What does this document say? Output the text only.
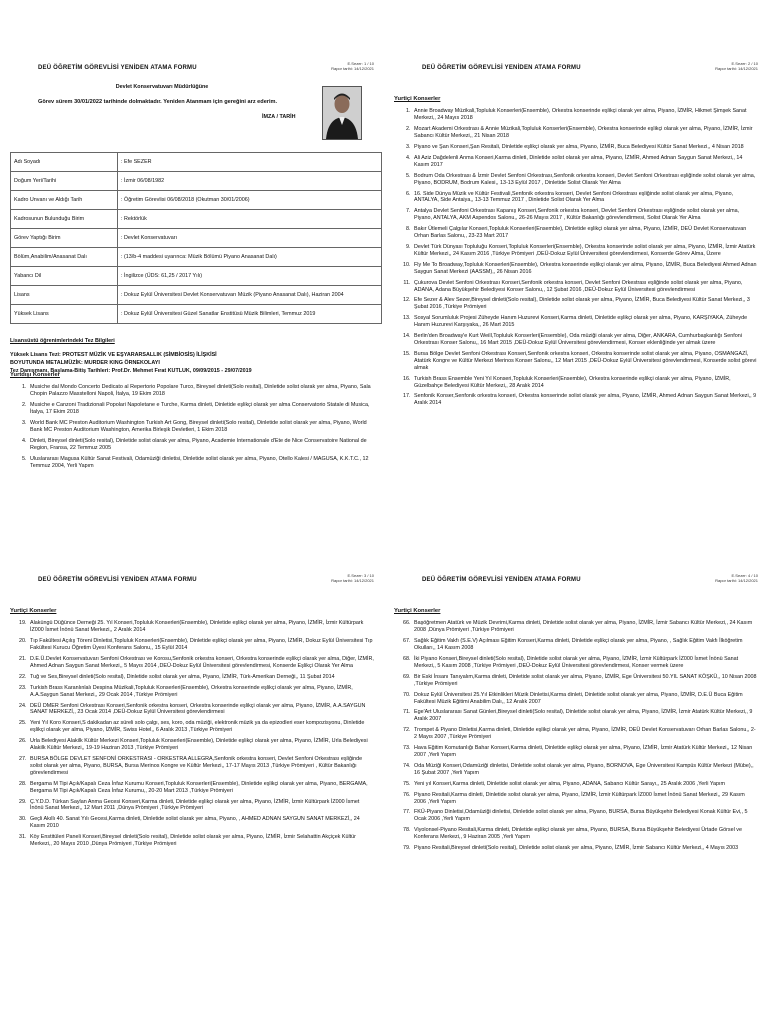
DEÜ ÖĞRETİM GÖREVLİSİ YENİDEN ATAMA FORMU
E.Sezer: 1 / 10
Rapor tarihi: 14/12/2021
Devlet Konservatuvarı Müdürlüğüne
Görev sürem 30/01/2022 tarihinde dolmaktadır. Yeniden Atanmam için gereğini arz ederim.
İMZA / TARİH
Adı Soyadı	: Efe SEZER
Doğum Yeri/Tarihi	: İzmir 06/08/1982
Kadro Unvanı ve Aldığı Tarih	: Öğretim Görevlisi 06/08/2018 (Okutman 30/01/2006)
Kadrosunun Bulunduğu Birim	: Rektörlük
Görev Yaptığı Birim	: Devlet Konservatuvarı
Bölüm,Anabilim/Anasanat Dalı	: (13/b-4 maddesi uyarınca: Müzik Bölümü Piyano Anasanat Dalı)
Yabancı Dil	: İngilizce (ÜDS: 61,25 / 2017 Yılı)
Lisans	: Dokuz Eylül Üniversitesi Devlet Konservatuvarı Müzik (Piyano Anasanat Dalı), Haziran 2004
Yüksek Lisans	: Dokuz Eylül Üniversitesi Güzel Sanatlar Enstitüsü Müzik Bilimleri, Temmuz 2019
Lisansüstü öğrenimlerindeki Tez Bilgileri
Yüksek Lisans Tezi: PROTEST MÜZİK VE EŞYARARSALLIK (SİMBİOSİS) İLİŞKİSİ
BOYUTUNDA METALMÜZİK: MURDER KING ÖRNEKOLAYI
Tez Danışmanı, Başlama-Bitiş Tarihleri: Prof.Dr. Mehmet Fırat KUTLUK, 09/09/2015 - 29/07/2019
Yurtdışı Konserler
1. Musiche dal Mondo Concerto Dedicato al Repertorio Popolare Turco, Bireysel dinleti(Solo resital), Dinletide solist olarak yer alma, Piyano, Sala Chopin Palazzo Masstelloni Napoli, İtalya, 19 Ekim 2018
2. Musiche e Canzoni Tradizionali Popolari Napoletane e Turche, Karma dinleti, Dinletide eşlikçi olarak yer alma Conservatorio Statale di Musica, İtalya, 17 Ekim 2018
3. World Bank MC Preston Auditorium Washington Turkish Art Gong, Bireysel dinleti(Solo resital), Dinletide solist olarak yer alma, Piyano, World Bank MC Preston Auditorium Washington, Amerika Birleşik Devletleri, 1 Ekim 2018
4. Dinleti, Bireysel dinleti(Solo resital), Dinletide solist olarak yer alma, Piyano, Academie Internationale d'Ete de Nice Conservatoire National de Region, Fransa, 22 Temmuz 2005
5. Uluslararası Magusa Kültür Sanat Festivali, Odamüziği dinletisi, Dinletide solist olarak yer alma, Piyano, Otello Kalesi / MAGUSA, K.K.T.C., 12 Temmuz 2004, Yerli Yapım
DEÜ ÖĞRETİM GÖREVLİSİ YENİDEN ATAMA FORMU
E.Sezer: 2 / 10
Rapor tarihi: 14/12/2021
Yurtiçi Konserler
1. Annie Broadway Müzikali,Topluluk Konserleri(Ensemble), Orkestra konserinde eşlikçi olarak yer alma, Piyano, İZMİR, Hikmet Şimşek Sanat Merkezi,, 24 Mayıs 2018
2. Mozart Akademi Orkestrası & Annie Müzikali,Topluluk Konserleri(Ensemble), Orkestra konserinde eşlikçi olarak yer alma, Piyano, İZMİR, İzmir Sabancı Kültür Merkezi,, 21 Nisan 2018
3. Piyano ve Şan Konseri,Şan Resitali, Dinletide eşlikçi olarak yer alma, Piyano, İZMİR, Buca Belediyesi Kültür Sanat Merkezi,, 4 Nisan 2018
4. Ali Aziz Dağdelenli Anma Konseri,Karma dinleti, Dinletide solist olarak yer alma, Piyano, İZMİR, Ahmed Adnan Saygun Sanat Merkezi,, 14 Kasım 2017
5. Bodrum Oda Orkestrası & İzmir Devlet Senfoni Orkestrası,Senfonik orkestra konseri, Devlet Senfoni Orkestrası eşliğinde solist olarak yer alma, Piyano, BODRUM, Bodrum Kalesi,, 13-13 Eylül 2017 , Dinletide Solist Olarak Yer Alma
6. 16. Side Dünya Müzik ve Kültür Festivali,Senfonik orkestra konseri, Devlet Senfoni Orkestrası eşliğinde solist olarak yer alma, Piyano, ANTALYA, Side Antaiya,, 13-13 Temmuz 2017 , Dinletide Solist Olarak Yer Alma
7. Antalya Devlet Senfoni Orkestrası Kapanış Konseri,Senfonik orkestra konseri, Devlet Senfoni Orkestrası eşliğinde solist olarak yer alma, Piyano, ANTALYA, AKM Aspendos Salonu,, 26-26 Mayıs 2017 , Kültür Bakanlığı görevlendirmesi, Solist Olarak Yer Alma
8. Bakır Ütlemeli Çalgılar Konseri,Topluluk Konserleri(Ensemble), Dinletide eşlikçi olarak yer alma, Piyano, İZMİR, DEÜ Devlet Konservatuvarı Orhan Barlas Salonu,, 23-23 Mart 2017
9. Devlet Türk Dünyası Topluluğu Konseri,Topluluk Konserleri(Ensemble), Orkestra konserinde solist olarak yer alma, Piyano, İZMİR, İzmir Atatürk Kültür Merkezi,, 24 Kasım 2016 ,Türkiye Prömiyeri ,DEÜ-Dokuz Eylül Üniversitesi görevlendirmesi, Konserde Görev Alma, Üzere
10. Fly Me To Broadway,Topluluk Konserleri(Ensemble), Orkestra konserinde eşlikçi olarak yer alma, Piyano, İZMİR, Buca Belediyesi Ahmed Adnan Saygun Sanat Merkezi (AASSM),, 26 Nisan 2016
11. Çukurova Devlet Senfoni Orkestrası Konseri,Senfonik orkestra konseri, Devlet Senfoni Orkestrası eşliğinde solist olarak yer alma, Piyano, ADANA, Adana Büyükşehir Belediyesi Konser Salonu,, 12 Şubat 2016 ,DEÜ-Dokuz Eylül Üniversitesi görevlendirmesi
12. Efe Sezer & Alev Sezer,Bireysel dinleti(Solo resital), Dinletide solist olarak yer alma, Piyano, İZMİR, Buca Belediyesi Kültür Sanat Merkezi,, 3 Şubat 2016 ,Türkiye Prömiyeri
13. Sosyal Sorumluluk Projesi Züheyde Hanım Huzurevi Konseri,Karma dinleti, Dinletide eşlikçi olarak yer alma, Piyano, KARŞIYAKA, Züheyde Hanım Huzurevi Karşıyaka,, 26 Mart 2015
14. Berlin'den Broadway'e Kurt Weill,Topluluk Konserleri(Ensemble), Oda müziği olarak yer alma, Diğer, ANKARA, Cumhurbaşkanlığı Senfoni Orkestrası Konser Salonu,, 16 Mart 2015 ,DEÜ-Dokuz Eylül Üniversitesi görevlendirmesi, Konser eklenliğinde yer almak üzere
15. Bursa Bölge Devlet Senfoni Orkestrası Konseri,Senfonik orkestra konseri, Orkestra konserinde solist olarak yer alma, Piyano, OSMANGAZİ, Atatürk Kongre ve Kültür Merkezi Merinos Konser Salonu,, 12 Mart 2015 ,DEÜ-Dokuz Eylül Üniversitesi görevlendirmesi, Konserde solist görevi almak
16. Turkish Brass Ensemble Yeni Yıl Konseri,Topluluk Konserleri(Ensemble), Orkestra konserinde eşlikçi olarak yer alma, Piyano, İZMİR, Güzelbahçe Belediyesi Kültür Merkezi,, 28 Aralık 2014
17. Senfonik Konser,Senfonik orkestra konseri, Orkestra konserinde solist olarak yer alma, Piyano, İZMİR, Ahmed Adnan Saygun Sanat Merkezi,, 9 Aralık 2014
DEÜ ÖĞRETİM GÖREVLİSİ YENİDEN ATAMA FORMU
E.Sezer: 3 / 10
Rapor tarihi: 14/12/2021
Yurtiçi Konserler
19. Alaküngü Düğünce Derneği 25. Yıl Konseri,Topluluk Konserleri(Ensemble), Dinletide eşlikçi olarak yer alma, Piyano, İZMİR, İzmir Kültürpark İZ000 İsmet İnönü Sanat Merkezi,, 2 Aralık 2014
20. Tıp Fakültesi Açılış Töreni Dinletisi,Topluluk Konserleri(Ensemble), Dinletide eşlikçi olarak yer alma, Piyano, İZMİR, Dokuz Eylül Üniversitesi Tıp Fakültesi Kurucu Öğretim Üyesi Konferans Salonu,, 15 Eylül 2014
21. D.E.Ü.Devlet Konservatuvarı Senfoni Orkestrası ve Korosu,Senfonik orkestra konseri, Orkestra konserinde eşlikçi olarak yer alma, Diğer, İZMİR, Ahmed Adnan Saygun Sanat Merkezi,, 5 Mayıs 2014 ,DEÜ-Dokuz Eylül Üniversitesi görevlendirmesi, Konserde Eşlikçi Olarak Yer Alma
22. Tuğ ve Ses,Bireysel dinleti(Solo resital), Dinletide solist olarak yer alma, Piyano, İZMİR, Türk-Amerikan Derneği,, 11 Şubat 2014
23. Turkish Brass Karanlınlalı Despina Müzikali,Topluluk Konserleri(Ensemble), Orkestra konserinde eşlikçi olarak yer alma, Piyano, İZMİR, A.A.Saygun Sanat Merkezi,, 29 Ocak 2014 ,Türkiye Prömiyeri
24. DEÜ DMER Senfoni Orkestrası Konseri,Senfonik orkestra konseri, Orkestra konserinde eşlikçi olarak yer alma, Piyano, İZMİR, A.A.SAYGUN SANAT MERKEZİ,, 23 Ocak 2014 ,DEÜ-Dokuz Eylül Üniversitesi görevlendirmesi
25. Yeni Yıl Koro Konseri,S dakikadan az süreli solo çalgı, ses, koro, oda müziği, elektronik müzik ya da epizodleri eser kompozisyonu, Dinletide eşlikçi olarak yer alma, Piyano, İZMİR, Swiss Hotel,, 6 Aralık 2013 ,Türkiye Prömiyeri
26. Urla Belediyesi Alakilk Kültür Merkezi Konseri,Topluluk Konserleri(Ensemble), Dinletide eşlikçi olarak yer alma, Piyano, İZMİR, Urla Belediyesi Alakilk Kültür Merkezi,, 19-19 Haziran 2013 ,Türkiye Prömiyeri
27. BURSA BÖLGE DEVLET SENFONİ ORKESTRASI - ORKESTRA ALLEGRA,Senfonik orkestra konseri, Devlet Senfoni Orkestrası eşliğinde solist olarak yer alma, Piyano, BURSA, Bursa Merinos Kongre ve Kültür Merkezi,, 17-17 Mayıs 2013 ,Türkiye Prömiyeri , Kültür Bakanlığı görevlendirmesi
28. Bergama M Tipi Açık/Kapalı Ceza İnfaz Kurumu Konseri,Topluluk Konserleri(Ensemble), Dinletide eşlikçi olarak yer alma, Piyano, BERGAMA, Bergama M Tipi Açık/Kapalı Ceza İnfaz Kurumu,, 20-20 Mart 2013 ,Türkiye Prömiyeri
29. Ç.Y.D.D. Türkan Saylan Anma Gecesi Konseri,Karma dinleti, Dinletide eşlikçi olarak yer alma, Piyano, İZMİR, İzmir Kültürpark İZ000 İsmet İnönü Sanat Merkezi,, 12 Mart 2011 ,Dünya Prömiyeri ,Türkiye Prömiyeri
30. Geçli Akıllı 40. Sanat Yılı Gecesi,Karma dinleti, Dinletide solist olarak yer alma, Piyano, , AHMED ADNAN SAYGUN SANAT MERKEZİ,, 24 Kasım 2010
31. Köy Enstitüleri Paneli Konseri,Bireysel dinleti(Solo resital), Dinletide solist olarak yer alma, Piyano, İZMİR, İzmir Selahattin Akçiçek Kültür Merkezi,, 20 Mayıs 2010 ,Dünya Prömiyeri ,Türkiye Prömiyeri
DEÜ ÖĞRETİM GÖREVLİSİ YENİDEN ATAMA FORMU
E.Sezer: 4 / 10
Rapor tarihi: 14/12/2021
Yurtiçi Konserler
66. Başöğretmen Atatürk ve Müzik Devrimi,Karma dinleti, Dinletide solist olarak yer alma, Piyano, İZMİR, İzmir Sabancı Kültür Merkezi,, 24 Kasım 2008 ,Dünya Prömiyeri ,Türkiye Prömiyeri
67. Sağlık Eğitim Vakfı (S.E.V) Açılması Eğitim Konseri,Karma dinleti, Dinletide eşlikçi olarak yer alma, Piyano, , Sağlık Eğitim Vakfı İlköğretim Okulları,, 14 Kasım 2008
68. İki Piyano Konseri,Bireysel dinleti(Solo resital), Dinletide solist olarak yer alma, Piyano, İZMİR, İzmir Kültürpark İZ000 İsmet İnönü Sanat Merkezi,, 5 Kasım 2008 ,Türkiye Prömiyeri ,DEÜ-Dokuz Eylül Üniversitesi görevlendirmesi, Konser vermek üzere
69. Bir Eski İnsanı Tanıyalım,Karma dinleti, Dinletide solist olarak yer alma, Piyano, İZMİR, Ege Üniversitesi 50.YIL SANAT KÖŞKÜ,, 10 Nisan 2008 ,Türkiye Prömiyeri
70. Dokuz Eylül Üniversitesi 25.Yıl Etkinlikleri Müzik Dinletisi,Karma dinleti, Dinletide solist olarak yer alma, Piyano, İZMİR, D.E.Ü Buca Eğitim Fakültesi Müzik Eğitimi Anabilim Dalı,, 12 Aralık 2007
71. Ege'Art Uluslararası Sanat Günleri,Bireysel dinleti(Solo resital), Dinletide solist olarak yer alma, Piyano, İZMİR, İzmir Atatürk Kültür Merkezi,, 9 Aralık 2007
72. Trompet & Piyano Dinletisi,Karma dinleti, Dinletide eşlikçi olarak yer alma, Piyano, İZMİR, DEÜ Devlet Konservatuvarı Orhan Barlas Salonu,, 2-2 Mayıs 2007 ,Türkiye Prömiyeri
73. Hava Eğitim Komutanlığı Bahar Konseri,Karma dinleti, Dinletide eşlikçi olarak yer alma, Piyano, İZMİR, İzmir Atatürk Kültür Merkezi,, 12 Nisan 2007 ,Yerli Yapım
74. Oda Müziği Konseri,Odamüziği dinletisi, Dinletide solist olarak yer alma, Piyano, BORNOVA, Ege Üniversitesi Kampüs Kültür Merkezi (Mübe),, 16 Şubat 2007 ,Yerli Yapım
75. Yeni yıl Konseri,Karma dinleti, Dinletide solist olarak yer alma, Piyano, ADANA, Sabancı Kültür Sarayı,, 25 Aralık 2006 ,Yerli Yapım
76. Piyano Resitali,Karma dinleti, Dinletide solist olarak yer alma, Piyano, İZMİR, İzmir Kültürpark İZ000 İsmet İnönü Sanat Merkezi,, 29 Kasım 2006 ,Yerli Yapım
77. FKÜ-Piyano Dinletisi,Odamüziği dinletisi, Dinletide solist olarak yer alma, Piyano, BURSA, Bursa Büyükşehir Belediyesi Konak Kültür Evi,, 5 Ocak 2006 ,Yerli Yapım
78. Viyolonsel-Piyano Resitali,Karma dinleti, Dinletide eşlikçi olarak yer alma, Piyano, BURSA, Bursa Büyükşehir Belediyesi Ürtade Görsel ve Konferans Merkezi,, 9 Haziran 2005 ,Yerli Yapım
79. Piyano Resitali,Bireysel dinleti(Solo resital), Dinletide solist olarak yer alma, Piyano, İZMİR, İzmir Sabancı Kültür Merkezi,, 4 Mayıs 2003
